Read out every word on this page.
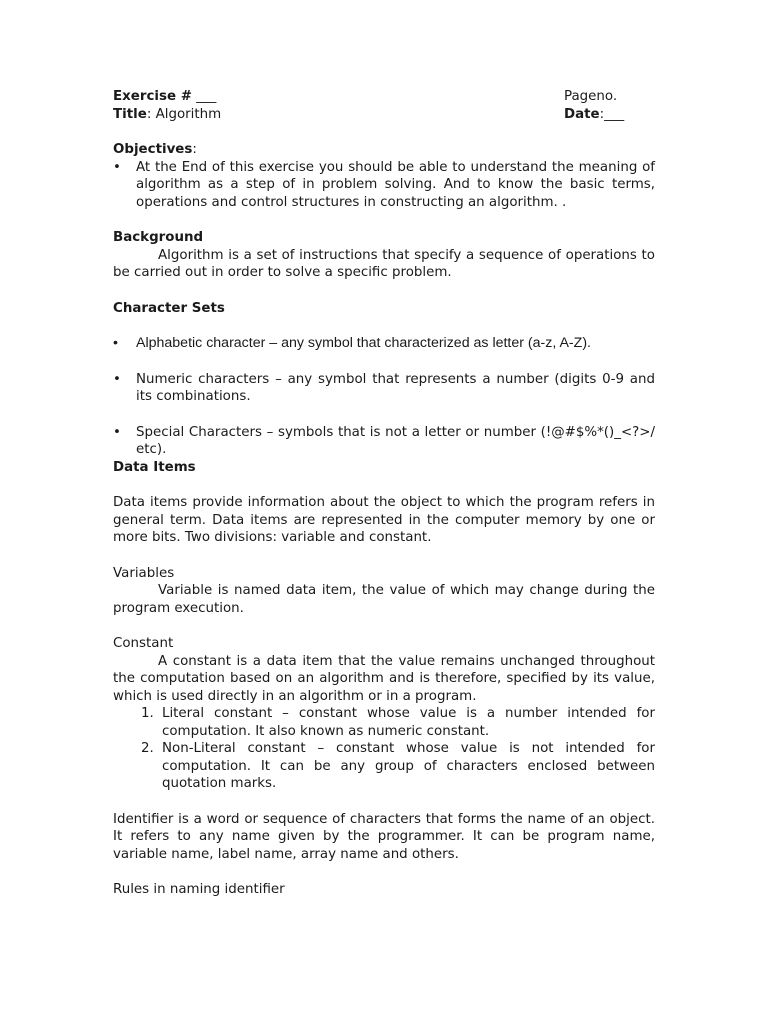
Exercise # ___	Pageno.
Title: Algorithm	Date:___
Objectives:
• At the End of this exercise you should be able to understand the meaning of algorithm as a step of in problem solving. And to know the basic terms, operations and control structures in constructing an algorithm. .
Background
Algorithm is a set of instructions that specify a sequence of operations to be carried out in order to solve a specific problem.
Character Sets
• Alphabetic character – any symbol that characterized as letter (a-z, A-Z).
• Numeric characters – any symbol that represents a number (digits 0-9 and its combinations.
• Special Characters – symbols that is not a letter or number (!@#$%*()_<?>/ etc).
Data Items
Data items provide information about the object to which the program refers in general term. Data items are represented in the computer memory by one or more bits. Two divisions: variable and constant.
Variables
Variable is named data item, the value of which may change during the program execution.
Constant
A constant is a data item that the value remains unchanged throughout the computation based on an algorithm and is therefore, specified by its value, which is used directly in an algorithm or in a program.
1. Literal constant – constant whose value is a number intended for computation. It also known as numeric constant.
2. Non-Literal constant – constant whose value is not intended for computation. It can be any group of characters enclosed between quotation marks.
Identifier is a word or sequence of characters that forms the name of an object. It refers to any name given by the programmer. It can be program name, variable name, label name, array name and others.
Rules in naming identifier
